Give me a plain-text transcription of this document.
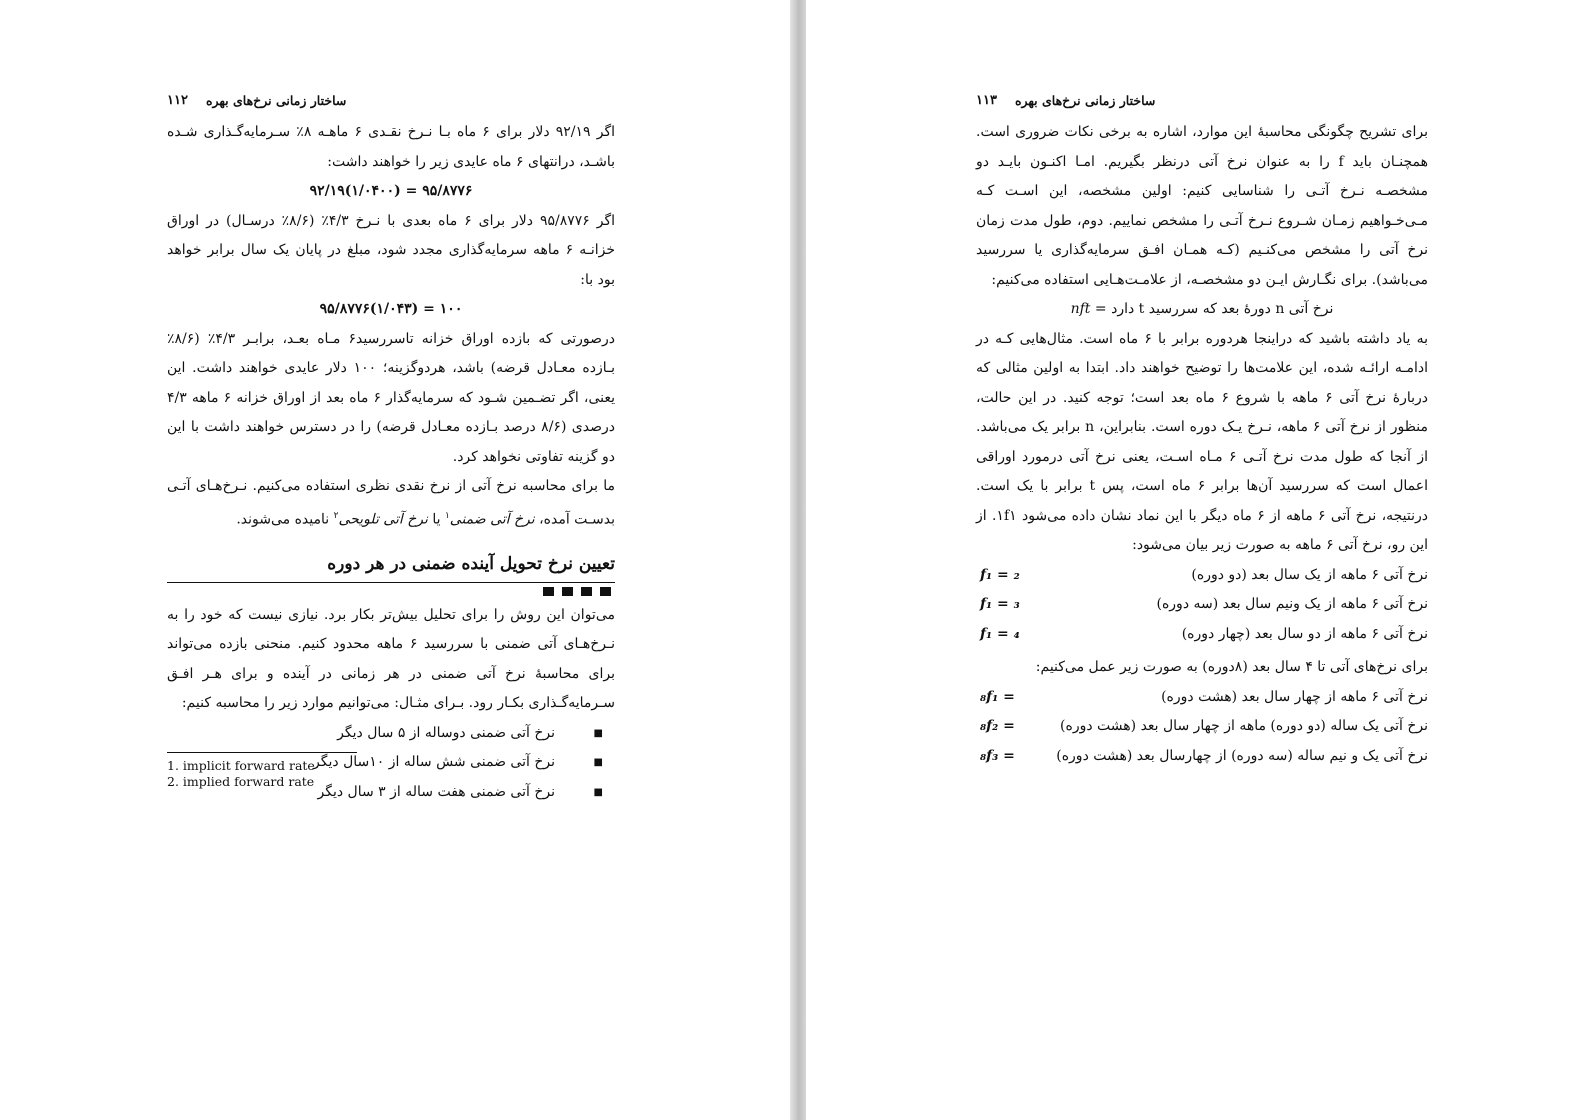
۱۱۲ ساختار زمانی نرخ‌های بهره

اگر ۹۲/۱۹ دلار برای ۶ ماه بـا نـرخ نقـدی ۶ ماهـه ۸٪ سـرمایه‌گـذاری شـده باشـد، درانتهای ۶ ماه عایدی زیر را خواهند داشت:

۹۲/۱۹(۱/۰۴۰۰) = ۹۵/۸۷۷۶

اگر ۹۵/۸۷۷۶ دلار برای ۶ ماه بعدی با نـرخ ۴/۳٪ (۸/۶٪ درسـال) در اوراق خزانـه ۶ ماهه سرمایه‌گذاری مجدد شود، مبلغ در پایان یک سال برابر خواهد بود با:

۹۵/۸۷۷۶(۱/۰۴۳) = ۱۰۰

درصورتی که بازده اوراق خزانه تاسررسید۶ مـاه بعـد، برابـر ۴/۳٪ (۸/۶٪ بـازده معـادل قرضه) باشد، هردوگزینه؛ ۱۰۰ دلار عایدی خواهند داشت. این یعنی، اگر تضـمین شـود که سرمایه‌گذار ۶ ماه بعد از اوراق خزانه ۶ ماهه ۴/۳ درصدی (۸/۶ درصد بـازده معـادل قرضه) را در دسترس خواهند داشت با این دو گزینه تفاوتی نخواهد کرد.

ما برای محاسبه نرخ آتی از نرخ نقدی نظری استفاده می‌کنیم. نـرخ‌هـای آتـی بدسـت آمده، نرخ آتی ضمنی$^۱$ یا نرخ آتی تلویحی$^۲$ نامیده می‌شوند.

تعیین نرخ تحویل آینده ضمنی در هر دوره

می‌توان این روش را برای تحلیل بیش‌تر بکار برد. نیازی نیست که خود را به نـرخ‌هـای آتی ضمنی با سررسید ۶ ماهه محدود کنیم. منحنی بازده می‌تواند برای محاسبهٔ نرخ آتی ضمنی در هر زمانی در آینده و برای هـر افـق سـرمایه‌گـذاری بکـار رود. بـرای مثـال: می‌توانیم موارد زیر را محاسبه کنیم:

■
نرخ آتی ضمنی دوساله از ۵ سال دیگر
■
نرخ آتی ضمنی شش ساله از ۱۰سال دیگر
■
نرخ آتی ضمنی هفت ساله از ۳ سال دیگر
1. implicit forward rate
2. implied forward rate
۱۱۳ ساختار زمانی نرخ‌های بهره

برای تشریح چگونگی محاسبهٔ این موارد، اشاره به برخی نکات ضروری است. همچنـان باید f را به عنوان نرخ آتی درنظر بگیریم. امـا اکنـون بایـد دو مشخصـه نـرخ آتـی را شناسایی کنیم: اولین مشخصه، این اسـت کـه مـی‌خـواهیم زمـان شـروع نـرخ آتـی را مشخص نماییم. دوم، طول مدت زمان نرخ آتی را مشخص می‌کنـیم (کـه همـان افـق سرمایه‌گذاری یا سررسید می‌باشد). برای نگـارش ایـن دو مشخصـه، از علامـت‌هـایی استفاده می‌کنیم:

نرخ آتی n دورهٔ بعد که سررسید t دارد nft =

به یاد داشته باشید که دراینجا هردوره برابر با ۶ ماه است. مثال‌هایی کـه در ادامـه ارائـه شده، این علامت‌ها را توضیح خواهند داد. ابتدا به اولین مثالی که دربارهٔ نرخ آتی ۶ ماهه با شروع ۶ ماه بعد است؛ توجه کنید. در این حالت، منظور از نرخ آتی ۶ ماهه، نـرخ یـک دوره است. بنابراین، n برابر یک می‌باشد. از آنجا که طول مدت نرخ آتـی ۶ مـاه اسـت، یعنی نرخ آتی درمورد اوراقی اعمال است که سررسید آن‌ها برابر ۶ ماه است، پس t برابر با یک است. درنتیجه، نرخ آتی ۶ ماهه از ۶ ماه دیگر با این نماد نشان داده می‌شود ۱f۱. از این رو، نرخ آتی ۶ ماهه به صورت زیر بیان می‌شود:

نرخ آتی ۶ ماهه از یک سال بعد (دو دوره)
f₁ = ₂
نرخ آتی ۶ ماهه از یک ونیم سال بعد (سه دوره)
f₁ = ₃
نرخ آتی ۶ ماهه از دو سال بعد (چهار دوره)
f₁ = ₄

برای نرخ‌های آتی تا ۴ سال بعد (۸دوره) به صورت زیر عمل می‌کنیم:

نرخ آتی ۶ ماهه از چهار سال بعد (هشت دوره)
₈f₁ =
نرخ آتی یک ساله (دو دوره) ماهه از چهار سال بعد (هشت دوره)
₈f₂ =
نرخ آتی یک و نیم ساله (سه دوره) از چهارسال بعد (هشت دوره)
₈f₃ =
